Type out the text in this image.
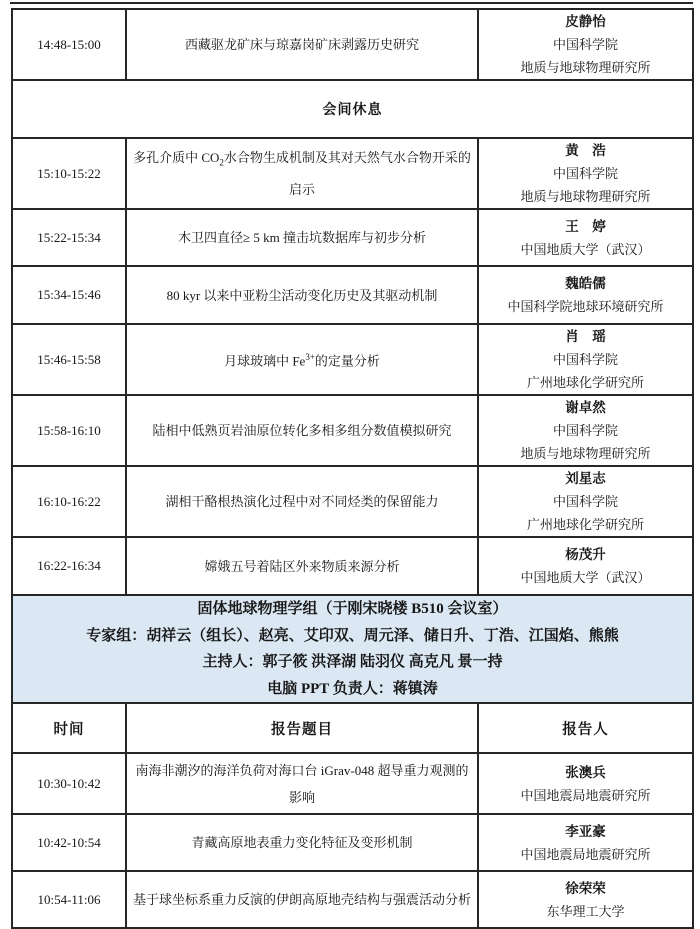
14:48-15:00	西藏驱龙矿床与琼嘉岗矿床剥露历史研究	皮静怡
中国科学院
地质与地球物理研究所

会间休息		
15:10-15:22	多孔介质中 $CO_2$水合物生成机制及其对天然气水合物开采的启示	黄　浩
中国科学院
地质与地球物理研究所

15:22-15:34	木卫四直径≥ 5 km 撞击坑数据库与初步分析	王　婷
中国地质大学（武汉）

15:34-15:46	80 kyr 以来中亚粉尘活动变化历史及其驱动机制	魏皓儒
中国科学院地球环境研究所

15:46-15:58	月球玻璃中 $Fe^{3+}$的定量分析	肖　瑶
中国科学院
广州地球化学研究所

15:58-16:10	陆相中低熟页岩油原位转化多相多组分数值模拟研究	谢卓然
中国科学院
地质与地球物理研究所

16:10-16:22	湖相干酪根热演化过程中对不同烃类的保留能力	刘星志
中国科学院
广州地球化学研究所

16:22-16:34	嫦娥五号着陆区外来物质来源分析	杨茂升
中国地质大学（武汉）

固体地球物理学组（于刚宋晓楼 B510 会议室）
专家组：胡祥云（组长）、赵亮、艾印双、周元泽、储日升、丁浩、江国焰、熊熊
主持人：郭子筱 洪泽湖 陆羽仪 高克凡 景一持
电脑 PPT 负责人：蒋镇涛		

时间	报告题目	报告人
10:30-10:42	南海非潮汐的海洋负荷对海口台 iGrav-048 超导重力观测的影响	张澳兵
中国地震局地震研究所

10:42-10:54	青藏高原地表重力变化特征及变形机制	李亚豪
中国地震局地震研究所

10:54-11:06	基于球坐标系重力反演的伊朗高原地壳结构与强震活动分析	徐荣荣
东华理工大学
